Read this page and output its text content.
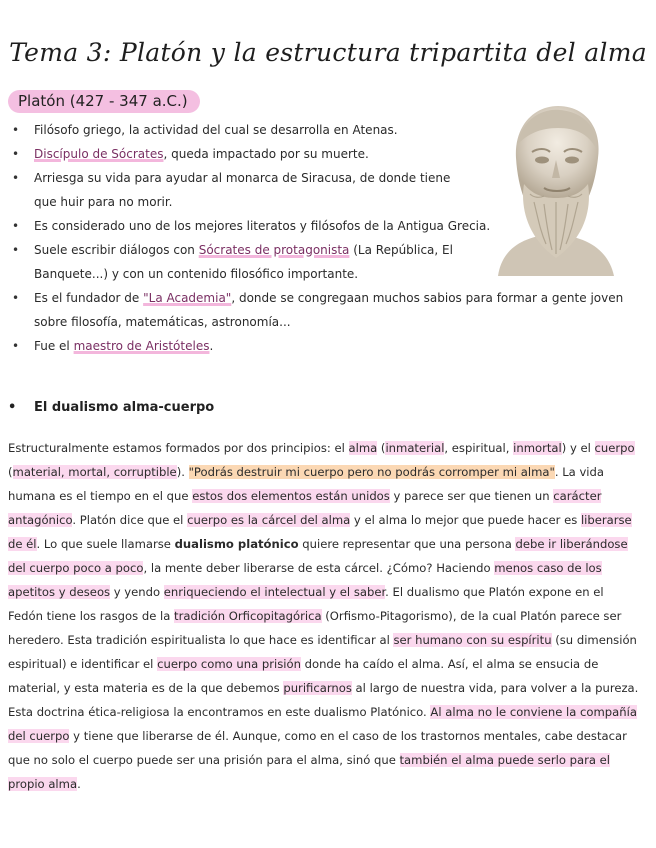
Tema 3: Platón y la estructura tripartita del alma
Platón (427 - 347 a.C.)
• Filósofo griego, la actividad del cual se desarrolla en Atenas.
• Discípulo de Sócrates, queda impactado por su muerte.
• Arriesga su vida para ayudar al monarca de Siracusa, de donde tiene que huir para no morir.
• Es considerado uno de los mejores literatos y filósofos de la Antigua Grecia.
• Suele escribir diálogos con Sócrates de protagonista (La República, El Banquete...) y con un contenido filosófico importante.
• Es el fundador de "La Academia", donde se congregaan muchos sabios para formar a gente joven sobre filosofía, matemáticas, astronomía...
• Fue el maestro de Aristóteles.
• El dualismo alma-cuerpo

Estructuralmente estamos formados por dos principios: el alma (inmaterial, espiritual, inmortal) y el cuerpo (material, mortal, corruptible). "Podrás destruir mi cuerpo pero no podrás corromper mi alma". La vida humana es el tiempo en el que estos dos elementos están unidos y parece ser que tienen un carácter antagónico. Platón dice que el cuerpo es la cárcel del alma y el alma lo mejor que puede hacer es liberarse de él. Lo que suele llamarse dualismo platónico quiere representar que una persona debe ir liberándose del cuerpo poco a poco, la mente deber liberarse de esta cárcel. ¿Cómo? Haciendo menos caso de los apetitos y deseos y yendo enriqueciendo el intelectual y el saber. El dualismo que Platón expone en el Fedón tiene los rasgos de la tradición Orficopitagórica (Orfismo-Pitagorismo), de la cual Platón parece ser heredero. Esta tradición espiritualista lo que hace es identificar al ser humano con su espíritu (su dimensión espiritual) e identificar el cuerpo como una prisión donde ha caído el alma. Así, el alma se ensucia de material, y esta materia es de la que debemos purificarnos al largo de nuestra vida, para volver a la pureza. Esta doctrina ética-religiosa la encontramos en este dualismo Platónico. Al alma no le conviene la compañía del cuerpo y tiene que liberarse de él. Aunque, como en el caso de los trastornos mentales, cabe destacar que no solo el cuerpo puede ser una prisión para el alma, sinó que también el alma puede serlo para el propio alma.
